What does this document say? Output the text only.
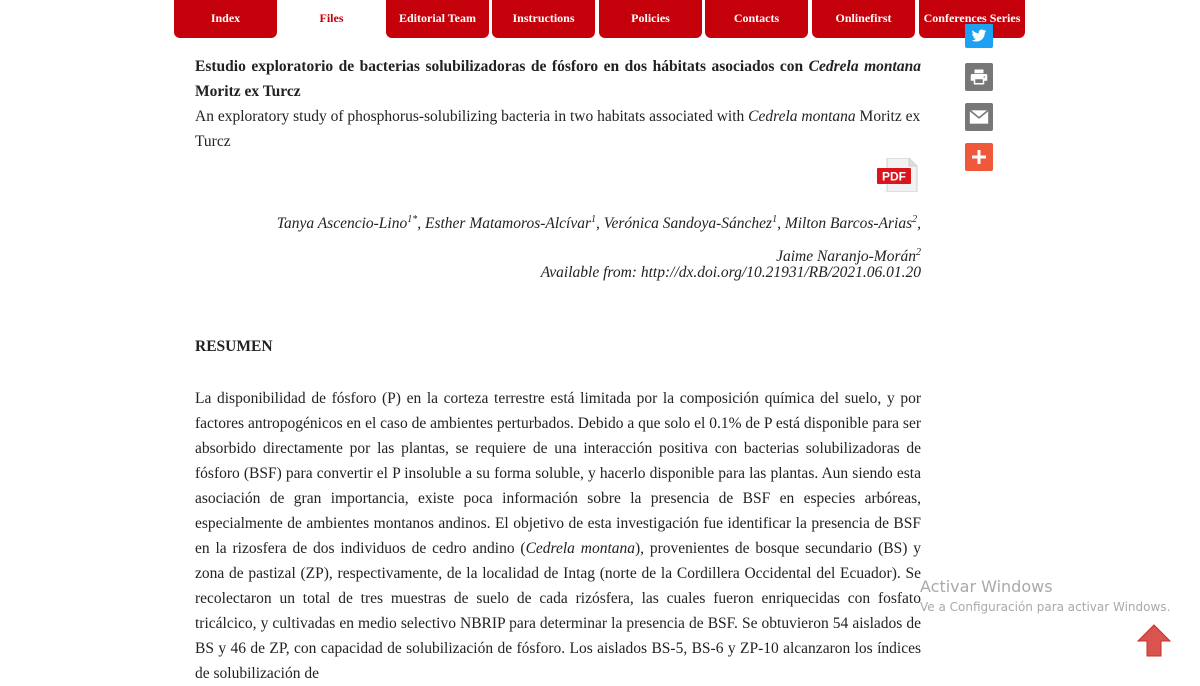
Index	Files	Editorial Team	Instructions	Policies	Contacts	Onlinefirst	Conferences Series

Estudio exploratorio de bacterias solubilizadoras de fósforo en dos hábitats asociados con Cedrela montana Moritz ex Turcz

An exploratory study of phosphorus-solubilizing bacteria in two habitats associated with Cedrela montana Moritz ex Turcz

PDF
Tanya Ascencio-Lino$^{1*}$, Esther Matamoros-Alcívar$^1$, Verónica Sandoya-Sánchez$^1$, Milton Barcos-Arias$^2$,
Jaime Naranjo-Morán$^2$
Available from: http://dx.doi.org/10.21931/RB/2021.06.01.20

RESUMEN

La disponibilidad de fósforo (P) en la corteza terrestre está limitada por la composición química del suelo, y por factores antropogénicos en el caso de ambientes perturbados. Debido a que solo el 0.1% de P está disponible para ser absorbido directamente por las plantas, se requiere de una interacción positiva con bacterias solubilizadoras de fósforo (BSF) para convertir el P insoluble a su forma soluble, y hacerlo disponible para las plantas. Aun siendo esta asociación de gran importancia, existe poca información sobre la presencia de BSF en especies arbóreas, especialmente de ambientes montanos andinos. El objetivo de esta investigación fue identificar la presencia de BSF en la rizosfera de dos individuos de cedro andino (Cedrela montana), provenientes de bosque secundario (BS) y zona de pastizal (ZP), respectivamente, de la localidad de Intag (norte de la Cordillera Occidental del Ecuador). Se recolectaron un total de tres muestras de suelo de cada rizósfera, las cuales fueron enriquecidas con fosfato tricálcico, y cultivadas en medio selectivo NBRIP para determinar la presencia de BSF. Se obtuvieron 54 aislados de BS y 46 de ZP, con capacidad de solubilización de fósforo. Los aislados BS-5, BS-6 y ZP-10 alcanzaron los índices de solubilización de

Activar Windows
Ve a Configuración para activar Windows.
